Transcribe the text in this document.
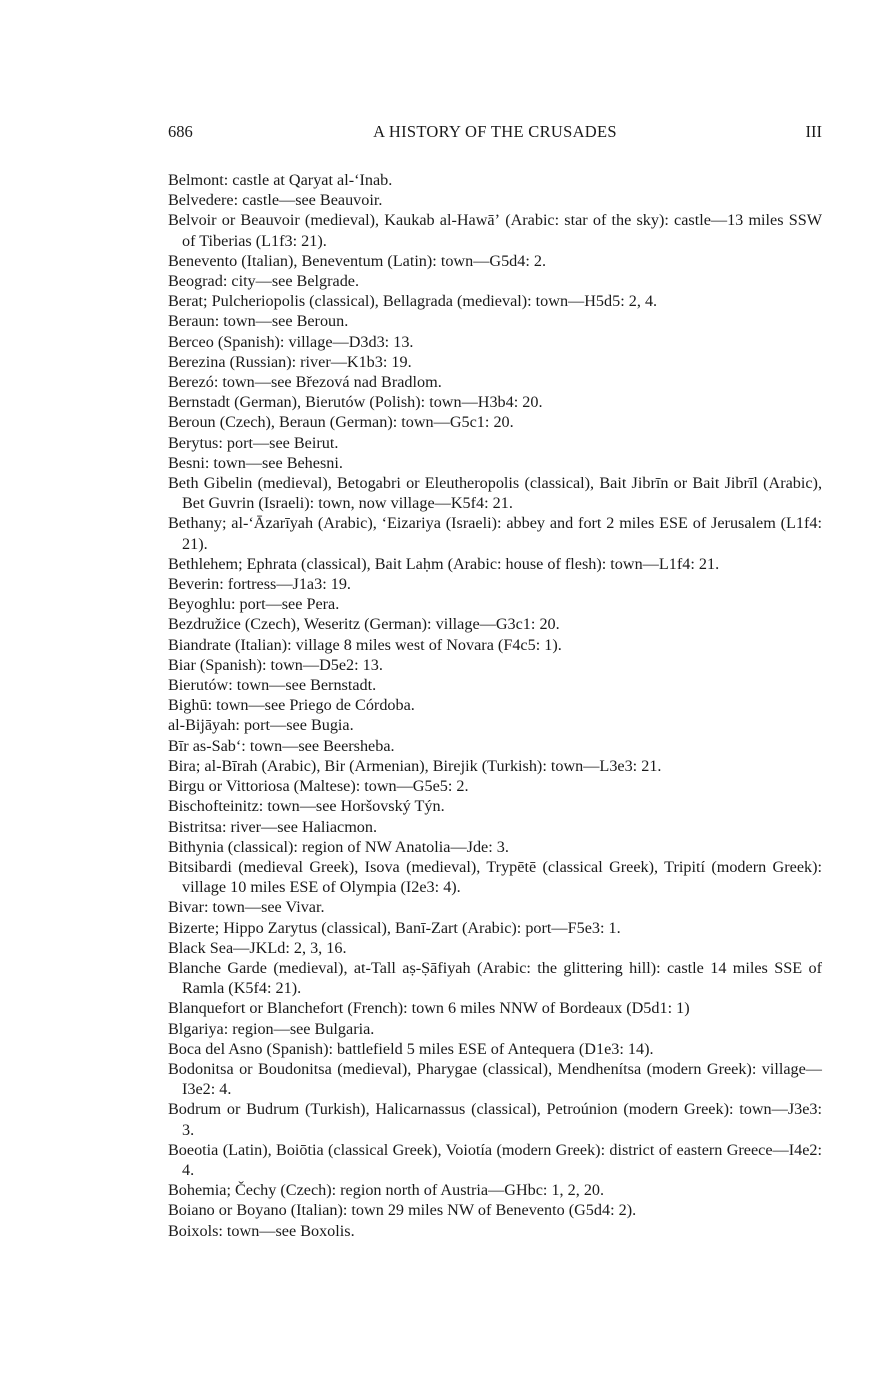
686	A HISTORY OF THE CRUSADES	III
Belmont: castle at Qaryat al-ʻInab.
Belvedere: castle—see Beauvoir.
Belvoir or Beauvoir (medieval), Kaukab al-Hawāʼ (Arabic: star of the sky): castle—13 miles SSW of Tiberias (L1f3: 21).
Benevento (Italian), Beneventum (Latin): town—G5d4: 2.
Beograd: city—see Belgrade.
Berat; Pulcheriopolis (classical), Bellagrada (medieval): town—H5d5: 2, 4.
Beraun: town—see Beroun.
Berceo (Spanish): village—D3d3: 13.
Berezina (Russian): river—K1b3: 19.
Berezó: town—see Březová nad Bradlom.
Bernstadt (German), Bierutów (Polish): town—H3b4: 20.
Beroun (Czech), Beraun (German): town—G5c1: 20.
Berytus: port—see Beirut.
Besni: town—see Behesni.
Beth Gibelin (medieval), Betogabri or Eleutheropolis (classical), Bait Jibrīn or Bait Jibrīl (Arabic), Bet Guvrin (Israeli): town, now village—K5f4: 21.
Bethany; al-ʻĀzarīyah (Arabic), ʻEizariya (Israeli): abbey and fort 2 miles ESE of Jerusalem (L1f4: 21).
Bethlehem; Ephrata (classical), Bait Laḥm (Arabic: house of flesh): town—L1f4: 21.
Beverin: fortress—J1a3: 19.
Beyoghlu: port—see Pera.
Bezdružice (Czech), Weseritz (German): village—G3c1: 20.
Biandrate (Italian): village 8 miles west of Novara (F4c5: 1).
Biar (Spanish): town—D5e2: 13.
Bierutów: town—see Bernstadt.
Bighū: town—see Priego de Córdoba.
al-Bijāyah: port—see Bugia.
Bīr as-Sabʻ: town—see Beersheba.
Bira; al-Bīrah (Arabic), Bir (Armenian), Birejik (Turkish): town—L3e3: 21.
Birgu or Vittoriosa (Maltese): town—G5e5: 2.
Bischofteinitz: town—see Horšovský Týn.
Bistritsa: river—see Haliacmon.
Bithynia (classical): region of NW Anatolia—Jde: 3.
Bitsibardi (medieval Greek), Isova (medieval), Trypētē (classical Greek), Tripití (modern Greek): village 10 miles ESE of Olympia (I2e3: 4).
Bivar: town—see Vivar.
Bizerte; Hippo Zarytus (classical), Banī-Zart (Arabic): port—F5e3: 1.
Black Sea—JKLd: 2, 3, 16.
Blanche Garde (medieval), at-Tall aṣ-Ṣāfiyah (Arabic: the glittering hill): castle 14 miles SSE of Ramla (K5f4: 21).
Blanquefort or Blanchefort (French): town 6 miles NNW of Bordeaux (D5d1: 1)
Blgariya: region—see Bulgaria.
Boca del Asno (Spanish): battlefield 5 miles ESE of Antequera (D1e3: 14).
Bodonitsa or Boudonitsa (medieval), Pharygae (classical), Mendhenítsa (modern Greek): village—I3e2: 4.
Bodrum or Budrum (Turkish), Halicarnassus (classical), Petroúnion (modern Greek): town—J3e3: 3.
Boeotia (Latin), Boiōtia (classical Greek), Voiotía (modern Greek): district of eastern Greece—I4e2: 4.
Bohemia; Čechy (Czech): region north of Austria—GHbc: 1, 2, 20.
Boiano or Boyano (Italian): town 29 miles NW of Benevento (G5d4: 2).
Boixols: town—see Boxolis.
